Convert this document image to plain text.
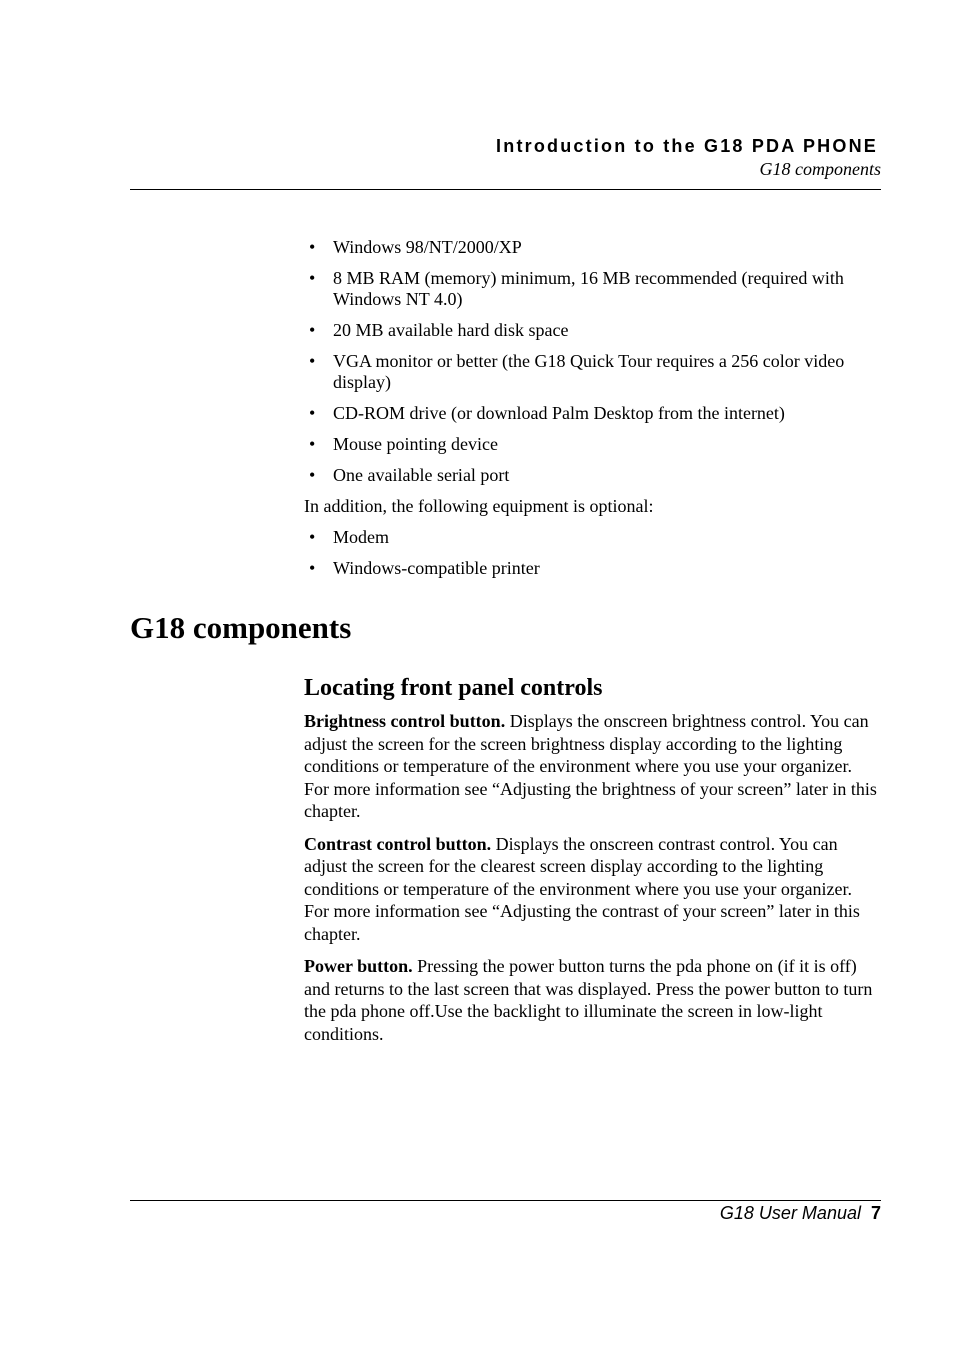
Introduction to the G18 PDA PHONE
G18 components
• Windows 98/NT/2000/XP
• 8 MB RAM (memory) minimum, 16 MB recommended (required with Windows NT 4.0)
• 20 MB available hard disk space
• VGA monitor or better (the G18 Quick Tour requires a 256 color video display)
• CD-ROM drive (or download Palm Desktop from the internet)
• Mouse pointing device
• One available serial port

In addition, the following equipment is optional:

• Modem
• Windows-compatible printer
G18 components
Locating front panel controls

Brightness control button. Displays the onscreen brightness control. You can adjust the screen for the screen brightness display according to the lighting conditions or temperature of the environment where you use your organizer. For more information see “Adjusting the brightness of your screen” later in this chapter.

Contrast control button. Displays the onscreen contrast control. You can adjust the screen for the clearest screen display according to the lighting conditions or temperature of the environment where you use your organizer. For more information see “Adjusting the contrast of your screen” later in this chapter.

Power button. Pressing the power button turns the pda phone on (if it is off) and returns to the last screen that was displayed. Press the power button to turn the pda phone off.Use the backlight to illuminate the screen in low-light conditions.

G18 User Manual 7
